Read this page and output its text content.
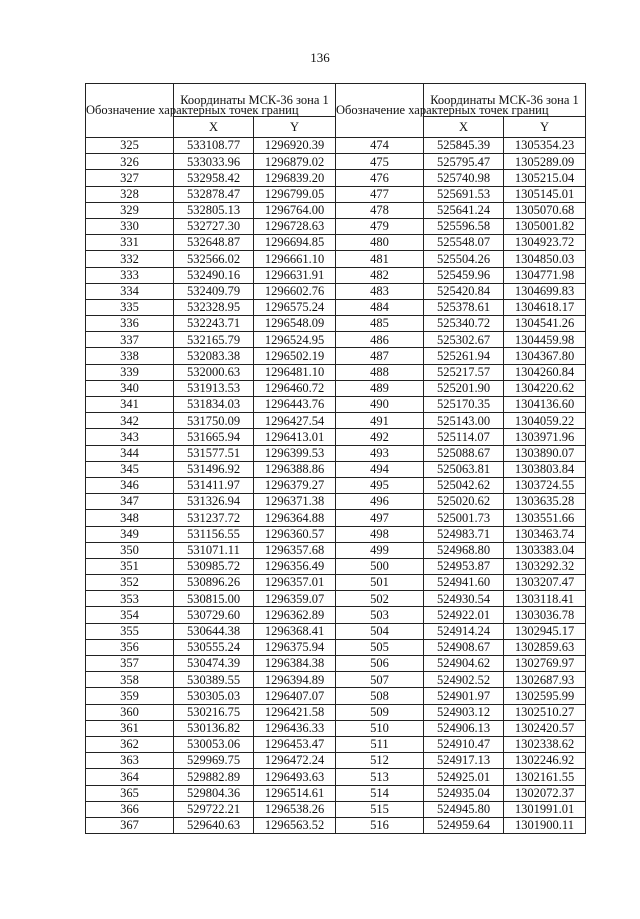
136
Обозначение характерных точек границ	Координаты МСК-36 зона 1		Обозначение характерных точек границ	Координаты МСК-36 зона 1	
	X	Y		X	Y
325	533108.77	1296920.39	474	525845.39	1305354.23
326	533033.96	1296879.02	475	525795.47	1305289.09
327	532958.42	1296839.20	476	525740.98	1305215.04
328	532878.47	1296799.05	477	525691.53	1305145.01
329	532805.13	1296764.00	478	525641.24	1305070.68
330	532727.30	1296728.63	479	525596.58	1305001.82
331	532648.87	1296694.85	480	525548.07	1304923.72
332	532566.02	1296661.10	481	525504.26	1304850.03
333	532490.16	1296631.91	482	525459.96	1304771.98
334	532409.79	1296602.76	483	525420.84	1304699.83
335	532328.95	1296575.24	484	525378.61	1304618.17
336	532243.71	1296548.09	485	525340.72	1304541.26
337	532165.79	1296524.95	486	525302.67	1304459.98
338	532083.38	1296502.19	487	525261.94	1304367.80
339	532000.63	1296481.10	488	525217.57	1304260.84
340	531913.53	1296460.72	489	525201.90	1304220.62
341	531834.03	1296443.76	490	525170.35	1304136.60
342	531750.09	1296427.54	491	525143.00	1304059.22
343	531665.94	1296413.01	492	525114.07	1303971.96
344	531577.51	1296399.53	493	525088.67	1303890.07
345	531496.92	1296388.86	494	525063.81	1303803.84
346	531411.97	1296379.27	495	525042.62	1303724.55
347	531326.94	1296371.38	496	525020.62	1303635.28
348	531237.72	1296364.88	497	525001.73	1303551.66
349	531156.55	1296360.57	498	524983.71	1303463.74
350	531071.11	1296357.68	499	524968.80	1303383.04
351	530985.72	1296356.49	500	524953.87	1303292.32
352	530896.26	1296357.01	501	524941.60	1303207.47
353	530815.00	1296359.07	502	524930.54	1303118.41
354	530729.60	1296362.89	503	524922.01	1303036.78
355	530644.38	1296368.41	504	524914.24	1302945.17
356	530555.24	1296375.94	505	524908.67	1302859.63
357	530474.39	1296384.38	506	524904.62	1302769.97
358	530389.55	1296394.89	507	524902.52	1302687.93
359	530305.03	1296407.07	508	524901.97	1302595.99
360	530216.75	1296421.58	509	524903.12	1302510.27
361	530136.82	1296436.33	510	524906.13	1302420.57
362	530053.06	1296453.47	511	524910.47	1302338.62
363	529969.75	1296472.24	512	524917.13	1302246.92
364	529882.89	1296493.63	513	524925.01	1302161.55
365	529804.36	1296514.61	514	524935.04	1302072.37
366	529722.21	1296538.26	515	524945.80	1301991.01
367	529640.63	1296563.52	516	524959.64	1301900.11
